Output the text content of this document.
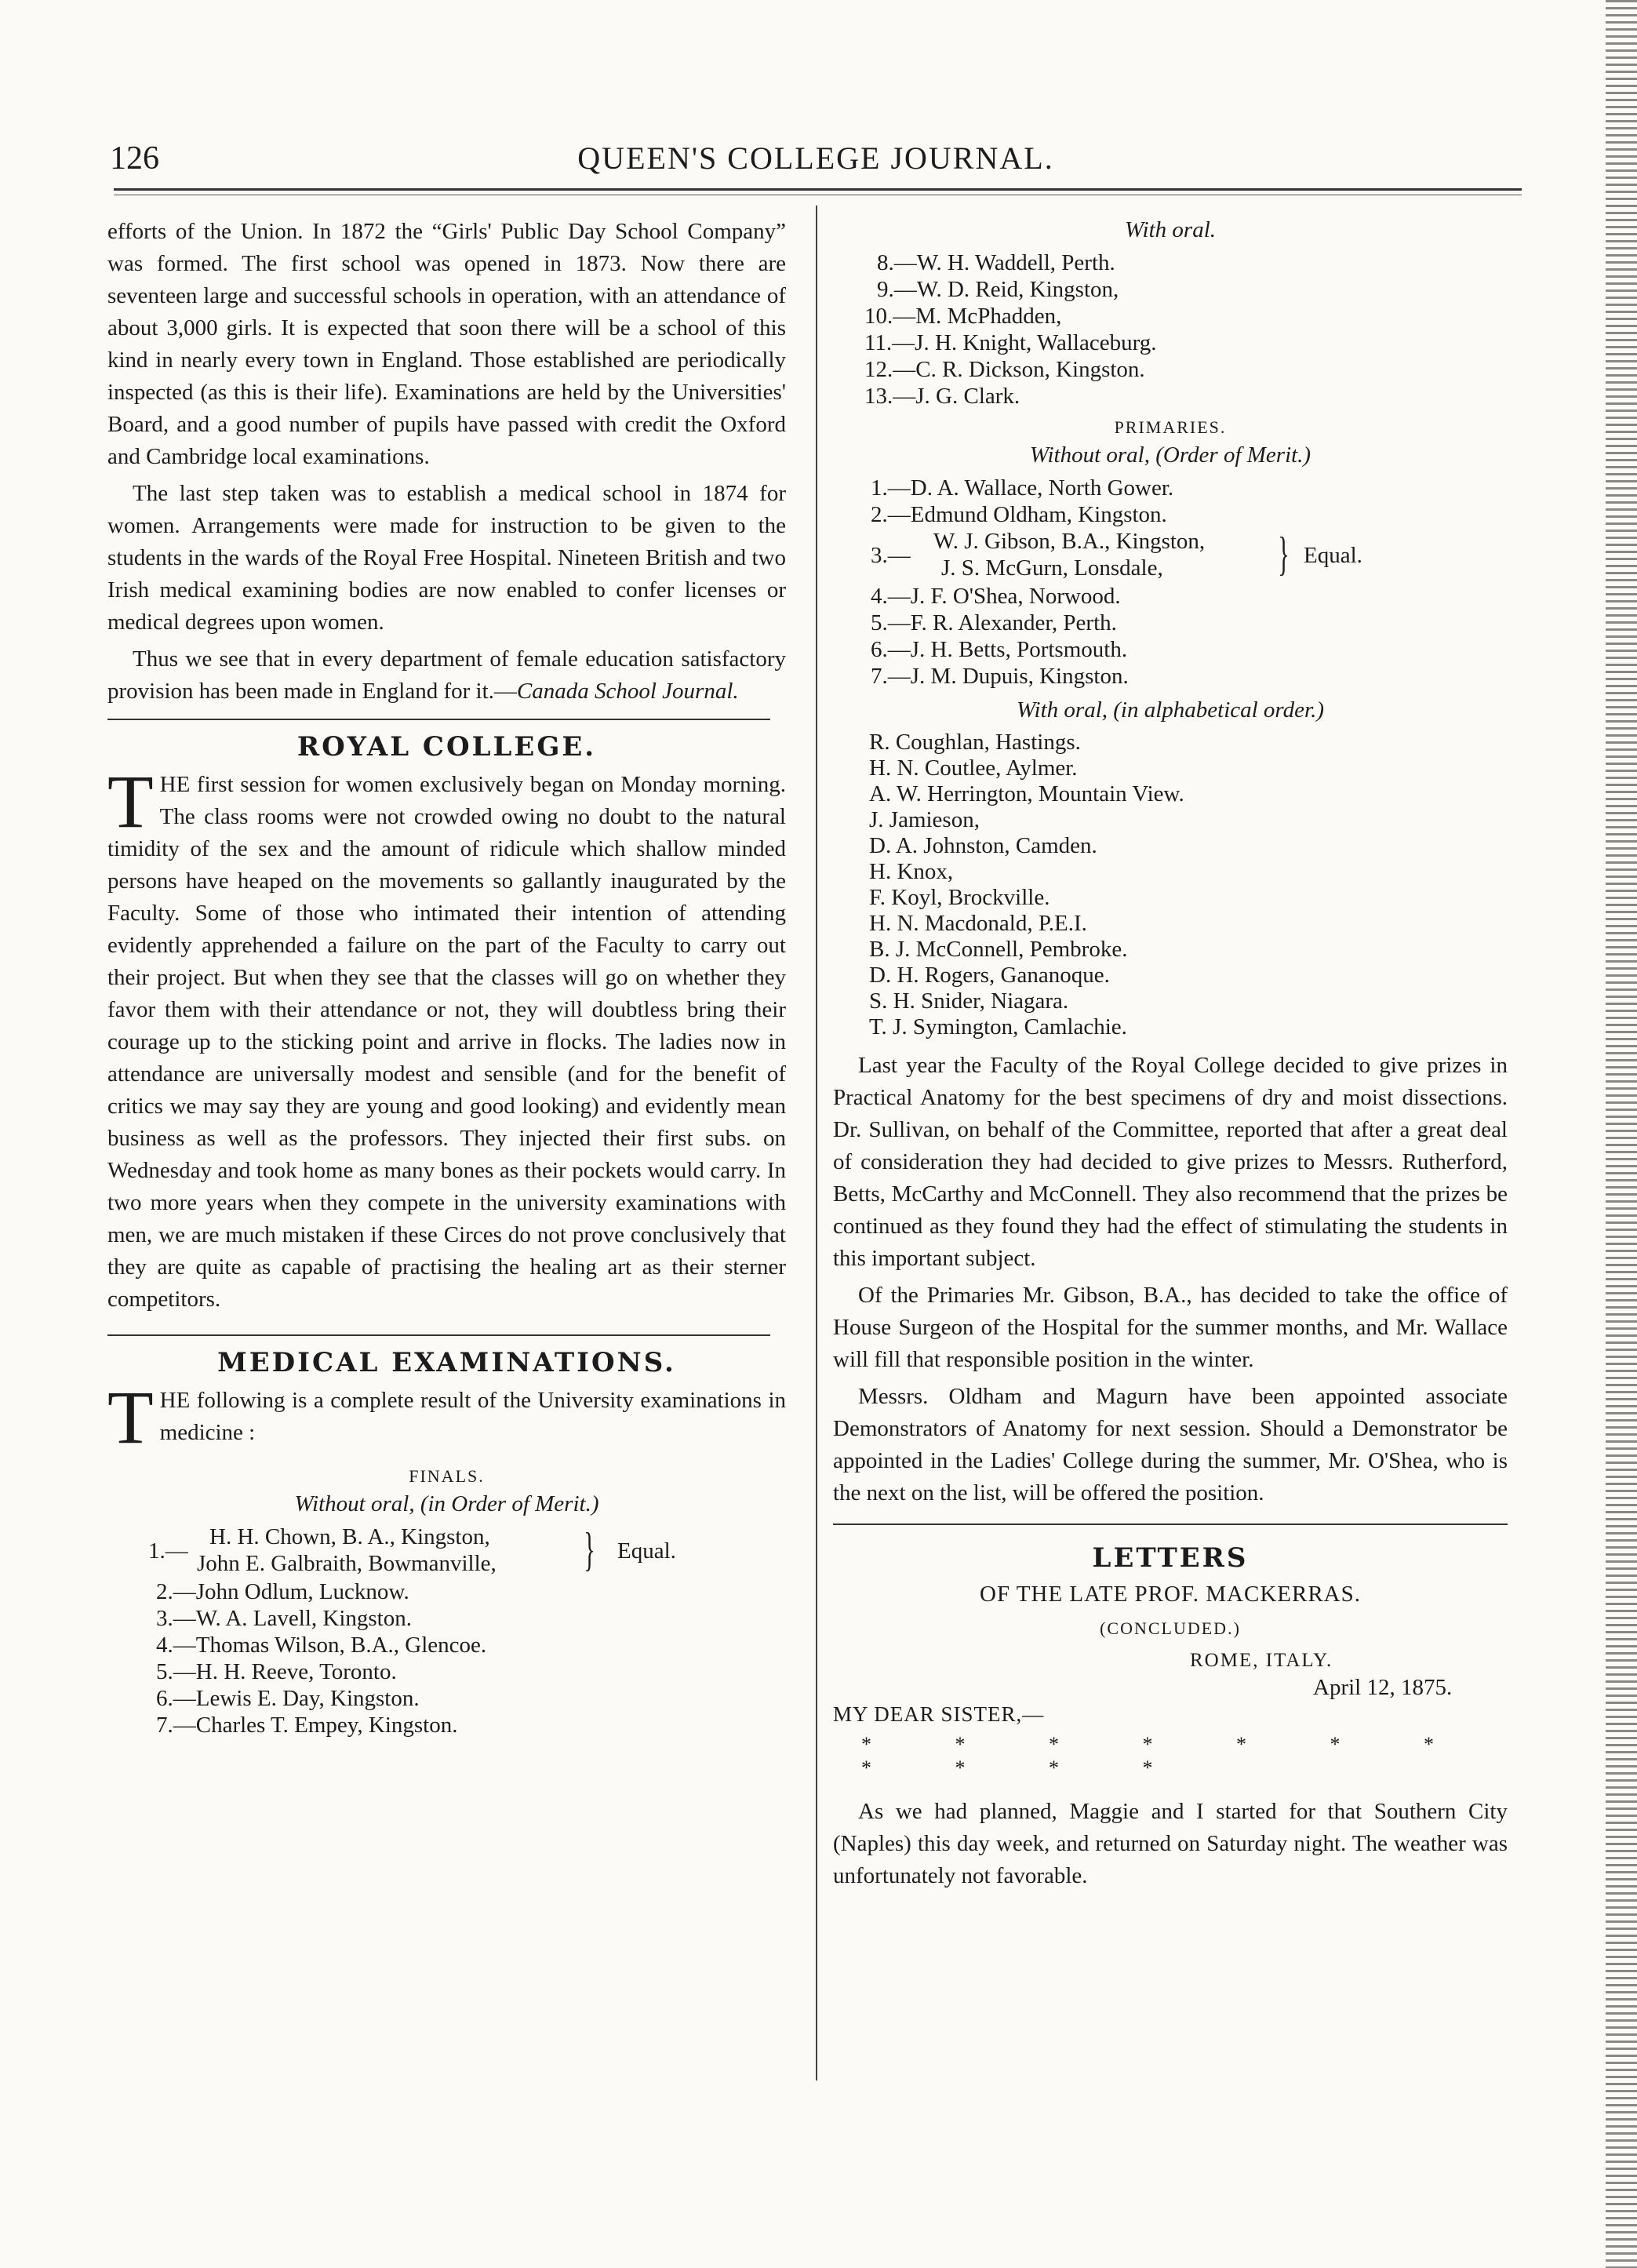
126	QUEEN'S COLLEGE JOURNAL.

efforts of the Union. In 1872 the “Girls' Public Day School Company” was formed. The first school was opened in 1873. Now there are seventeen large and successful schools in operation, with an attendance of about 3,000 girls. It is expected that soon there will be a school of this kind in nearly every town in England. Those established are periodically inspected (as this is their life). Examinations are held by the Universities' Board, and a good number of pupils have passed with credit the Oxford and Cambridge local examinations.

The last step taken was to establish a medical school in 1874 for women. Arrangements were made for instruction to be given to the students in the wards of the Royal Free Hospital. Nineteen British and two Irish medical examining bodies are now enabled to confer licenses or medical degrees upon women.

Thus we see that in every department of female education satisfactory provision has been made in England for it.—Canada School Journal.

ROYAL COLLEGE.

THE first session for women exclusively began on Monday morning. The class rooms were not crowded owing no doubt to the natural timidity of the sex and the amount of ridicule which shallow minded persons have heaped on the movements so gallantly inaugurated by the Faculty. Some of those who intimated their intention of attending evidently apprehended a failure on the part of the Faculty to carry out their project. But when they see that the classes will go on whether they favor them with their attendance or not, they will doubtless bring their courage up to the sticking point and arrive in flocks. The ladies now in attendance are universally modest and sensible (and for the benefit of critics we may say they are young and good looking) and evidently mean business as well as the professors. They injected their first subs. on Wednesday and took home as many bones as their pockets would carry. In two more years when they compete in the university examinations with men, we are much mistaken if these Circes do not prove conclusively that they are quite as capable of practising the healing art as their sterner competitors.

MEDICAL EXAMINATIONS.

THE following is a complete result of the University examinations in medicine :

FINALS.
Without oral, (in Order of Merit.)
1.—
H. H. Chown, B. A., Kingston,
John E. Galbraith, Bowmanville, } Equal.
2.—John Odlum, Lucknow.
3.—W. A. Lavell, Kingston.
4.—Thomas Wilson, B.A., Glencoe.
5.—H. H. Reeve, Toronto.
6.—Lewis E. Day, Kingston.
7.—Charles T. Empey, Kingston.
With oral.
8.—W. H. Waddell, Perth.
9.—W. D. Reid, Kingston,
10.—M. McPhadden,
11.—J. H. Knight, Wallaceburg.
12.—C. R. Dickson, Kingston.
13.—J. G. Clark.
PRIMARIES.
Without oral, (Order of Merit.)
1.—D. A. Wallace, North Gower.
2.—Edmund Oldham, Kingston.
3.—
W. J. Gibson, B.A., Kingston,
J. S. McGurn, Lonsdale,	} Equal.
4.—J. F. O'Shea, Norwood.
5.—F. R. Alexander, Perth.
6.—J. H. Betts, Portsmouth.
7.—J. M. Dupuis, Kingston.
With oral, (in alphabetical order.)
R. Coughlan, Hastings.
H. N. Coutlee, Aylmer.
A. W. Herrington, Mountain View.
J. Jamieson,
D. A. Johnston, Camden.
H. Knox,
F. Koyl, Brockville.
H. N. Macdonald, P.E.I.
B. J. McConnell, Pembroke.
D. H. Rogers, Gananoque.
S. H. Snider, Niagara.
T. J. Symington, Camlachie.

Last year the Faculty of the Royal College decided to give prizes in Practical Anatomy for the best specimens of dry and moist dissections. Dr. Sullivan, on behalf of the Committee, reported that after a great deal of consideration they had decided to give prizes to Messrs. Rutherford, Betts, McCarthy and McConnell. They also recommend that the prizes be continued as they found they had the effect of stimulating the students in this important subject.

Of the Primaries Mr. Gibson, B.A., has decided to take the office of House Surgeon of the Hospital for the summer months, and Mr. Wallace will fill that responsible position in the winter.

Messrs. Oldham and Magurn have been appointed associate Demonstrators of Anatomy for next session. Should a Demonstrator be appointed in the Ladies' College during the summer, Mr. O'Shea, who is the next on the list, will be offered the position.

LETTERS
OF THE LATE PROF. MACKERRAS.
(CONCLUDED.)
ROME, ITALY.
April 12, 1875.
MY DEAR SISTER,—
* * * * * * * * * * *

As we had planned, Maggie and I started for that Southern City (Naples) this day week, and returned on Saturday night. The weather was unfortunately not favorable.
